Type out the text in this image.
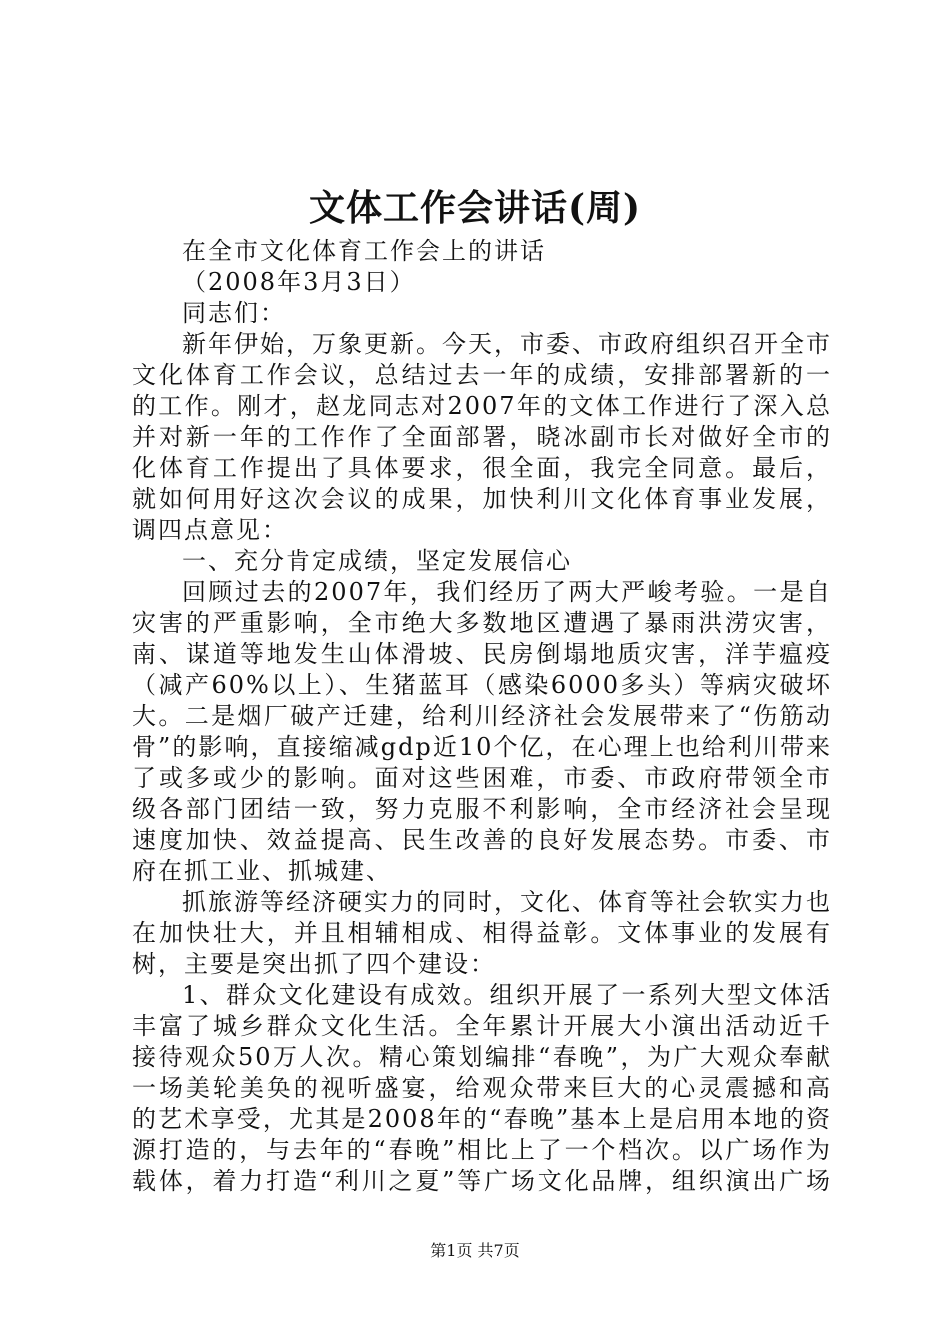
文体工作会讲话(周)
在全市文化体育工作会上的讲话
（2008年3月3日）
同志们：
新年伊始，万象更新。今天，市委、市政府组织召开全市
文化体育工作会议，总结过去一年的成绩，安排部署新的一
的工作。刚才，赵龙同志对2007年的文体工作进行了深入总
并对新一年的工作作了全面部署，晓冰副市长对做好全市的
化体育工作提出了具体要求，很全面，我完全同意。最后，
就如何用好这次会议的成果，加快利川文化体育事业发展，
调四点意见：
一、充分肯定成绩，坚定发展信心
回顾过去的2007年，我们经历了两大严峻考验。一是自
灾害的严重影响，全市绝大多数地区遭遇了暴雨洪涝灾害，
南、谋道等地发生山体滑坡、民房倒塌地质灾害，洋芋瘟疫
（减产60%以上）、生猪蓝耳（感染6000多头）等病灾破坏
大。二是烟厂破产迁建，给利川经济社会发展带来了“伤筋动
骨”的影响，直接缩减gdp近10个亿，在心理上也给利川带来
了或多或少的影响。面对这些困难，市委、市政府带领全市
级各部门团结一致，努力克服不利影响，全市经济社会呈现
速度加快、效益提高、民生改善的良好发展态势。市委、市
府在抓工业、抓城建、
抓旅游等经济硬实力的同时，文化、体育等社会软实力也
在加快壮大，并且相辅相成、相得益彰。文体事业的发展有
树，主要是突出抓了四个建设：
1、群众文化建设有成效。组织开展了一系列大型文体活
丰富了城乡群众文化生活。全年累计开展大小演出活动近千
接待观众50万人次。精心策划编排“春晚”，为广大观众奉献
一场美轮美奂的视听盛宴，给观众带来巨大的心灵震撼和高
的艺术享受，尤其是2008年的“春晚”基本上是启用本地的资
源打造的，与去年的“春晚”相比上了一个档次。以广场作为
载体，着力打造“利川之夏”等广场文化品牌，组织演出广场
第1页 共7页
